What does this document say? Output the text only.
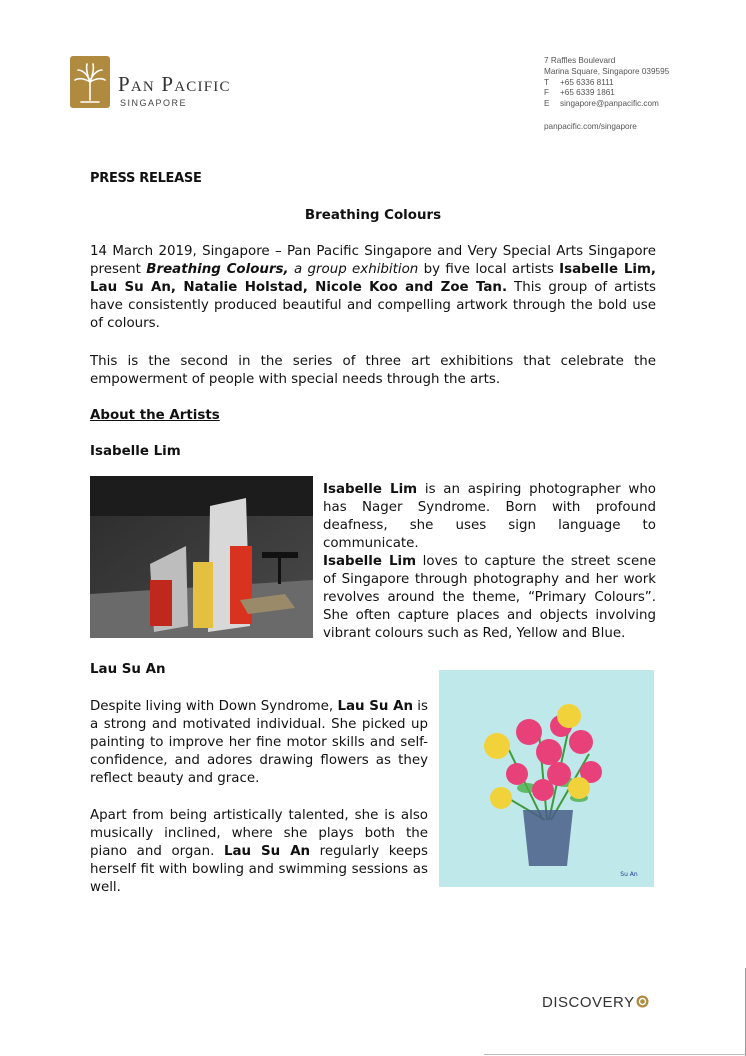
Pan Pacific
SINGAPORE
7 Raffles Boulevard
Marina Square, Singapore 039595
T +65 6336 8111
F +65 6339 1861
E singapore@panpacific.com
panpacific.com/singapore
PRESS RELEASE
Breathing Colours
14 March 2019, Singapore – Pan Pacific Singapore and Very Special Arts Singapore present Breathing Colours, a group exhibition by five local artists Isabelle Lim, Lau Su An, Natalie Holstad, Nicole Koo and Zoe Tan. This group of artists have consistently produced beautiful and compelling artwork through the bold use of colours.
This is the second in the series of three art exhibitions that celebrate the empowerment of people with special needs through the arts.
About the Artists
Isabelle Lim
Isabelle Lim is an aspiring photographer who has Nager Syndrome. Born with profound deafness, she uses sign language to communicate.
Isabelle Lim loves to capture the street scene of Singapore through photography and her work revolves around the theme, “Primary Colours”. She often capture places and objects involving vibrant colours such as Red, Yellow and Blue.
Lau Su An
Despite living with Down Syndrome, Lau Su An is a strong and motivated individual. She picked up painting to improve her fine motor skills and self-confidence, and adores drawing flowers as they reflect beauty and grace.
Apart from being artistically talented, she is also musically inclined, where she plays both the piano and organ. Lau Su An regularly keeps herself fit with bowling and swimming sessions as well.
Su An
DISCOVERY
